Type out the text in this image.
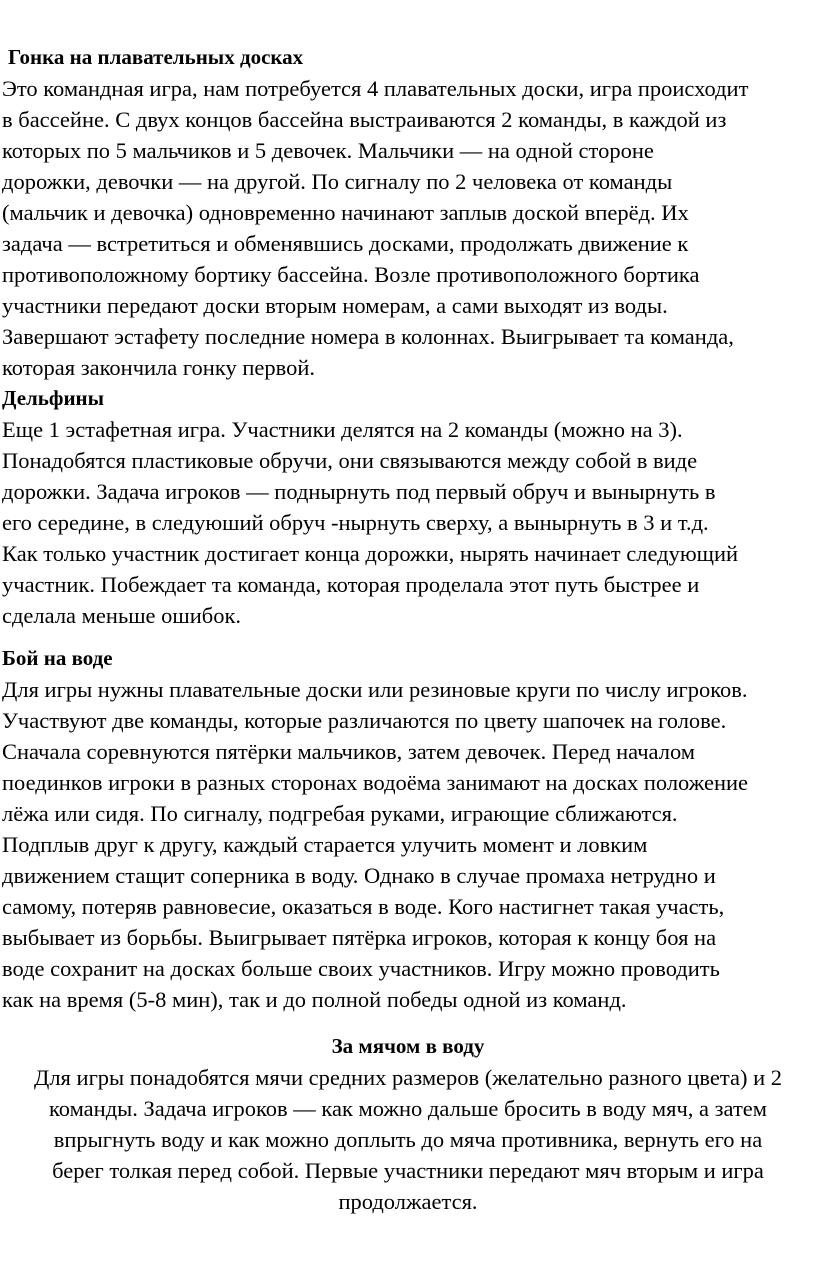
Гонка на плавательных досках
Это командная игра, нам потребуется 4 плавательных доски, игра происходит
в бассейне. С двух концов бассейна выстраиваются 2 команды, в каждой из
которых по 5 мальчиков и 5 девочек. Мальчики — на одной стороне
дорожки, девочки — на другой. По сигналу по 2 человека от команды
(мальчик и девочка) одновременно начинают заплыв доской вперёд. Их
задача — встретиться и обменявшись досками, продолжать движение к
противоположному бортику бассейна. Возле противоположного бортика
участники передают доски вторым номерам, а сами выходят из воды.
Завершают эстафету последние номера в колоннах. Выигрывает та команда,
которая закончила гонку первой.
Дельфины
Еще 1 эстафетная игра. Участники делятся на 2 команды (можно на 3).
Понадобятся пластиковые обручи, они связываются между собой в виде
дорожки. Задача игроков — поднырнуть под первый обруч и вынырнуть в
его середине, в следуюший обруч -нырнуть сверху, а вынырнуть в 3 и т.д.
Как только участник достигает конца дорожки, нырять начинает следующий
участник. Побеждает та команда, которая проделала этот путь быстрее и
сделала меньше ошибок.
Бой на воде
Для игры нужны плавательные доски или резиновые круги по числу игроков.
Участвуют две команды, которые различаются по цвету шапочек на голове.
Сначала соревнуются пятёрки мальчиков, затем девочек. Перед началом
поединков игроки в разных сторонах водоёма занимают на досках положение
лёжа или сидя. По сигналу, подгребая руками, играющие сближаются.
Подплыв друг к другу, каждый старается улучить момент и ловким
движением стащит соперника в воду. Однако в случае промаха нетрудно и
самому, потеряв равновесие, оказаться в воде. Кого настигнет такая участь,
выбывает из борьбы. Выигрывает пятёрка игроков, которая к концу боя на
воде сохранит на досках больше своих участников. Игру можно проводить
как на время (5-8 мин), так и до полной победы одной из команд.
За мячом в воду
Для игры понадобятся мячи средних размеров (желательно разного цвета) и 2
команды. Задача игроков — как можно дальше бросить в воду мяч, а затем
впрыгнуть воду и как можно доплыть до мяча противника, вернуть его на
берег толкая перед собой. Первые участники передают мяч вторым и игра
продолжается.
